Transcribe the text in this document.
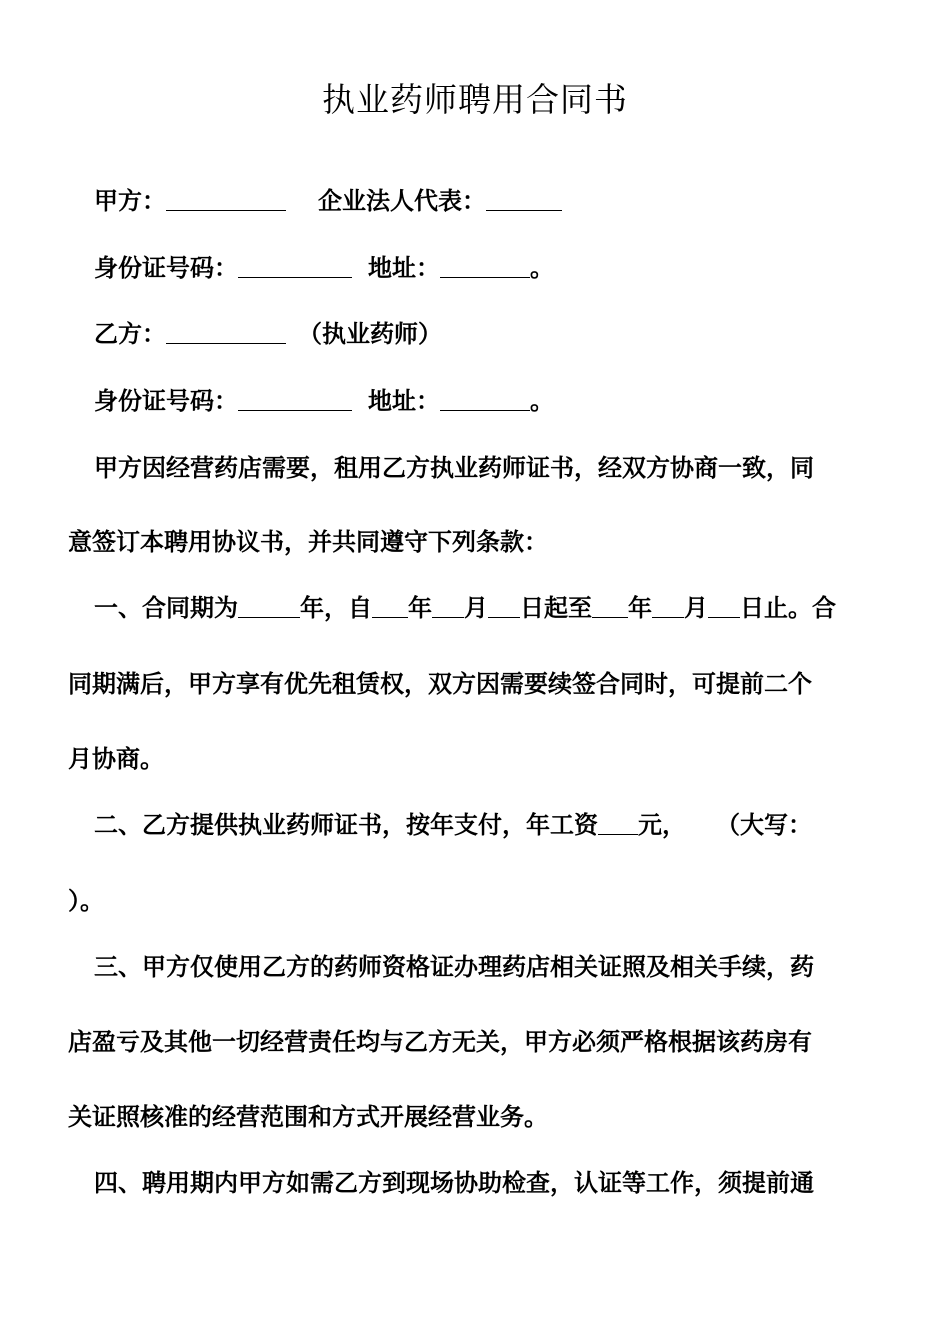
执业药师聘用合同书
甲方：	企业法人代表：
身份证号码：	地址：	。
乙方：	（执业药师）
身份证号码：	地址：	。
甲方因经营药店需要，租用乙方执业药师证书，经双方协商一致，同
意签订本聘用协议书，并共同遵守下列条款：
一、合同期为	年，自 年 月 日起至 年 月 日止。合
同期满后，甲方享有优先租赁权，双方因需要续签合同时，可提前二个
月协商。
二、乙方提供执业药师证书，按年支付，年工资 元， （大写：
）。
三、甲方仅使用乙方的药师资格证办理药店相关证照及相关手续，药
店盈亏及其他一切经营责任均与乙方无关，甲方必须严格根据该药房有
关证照核准的经营范围和方式开展经营业务。
四、聘用期内甲方如需乙方到现场协助检查，认证等工作，须提前通
